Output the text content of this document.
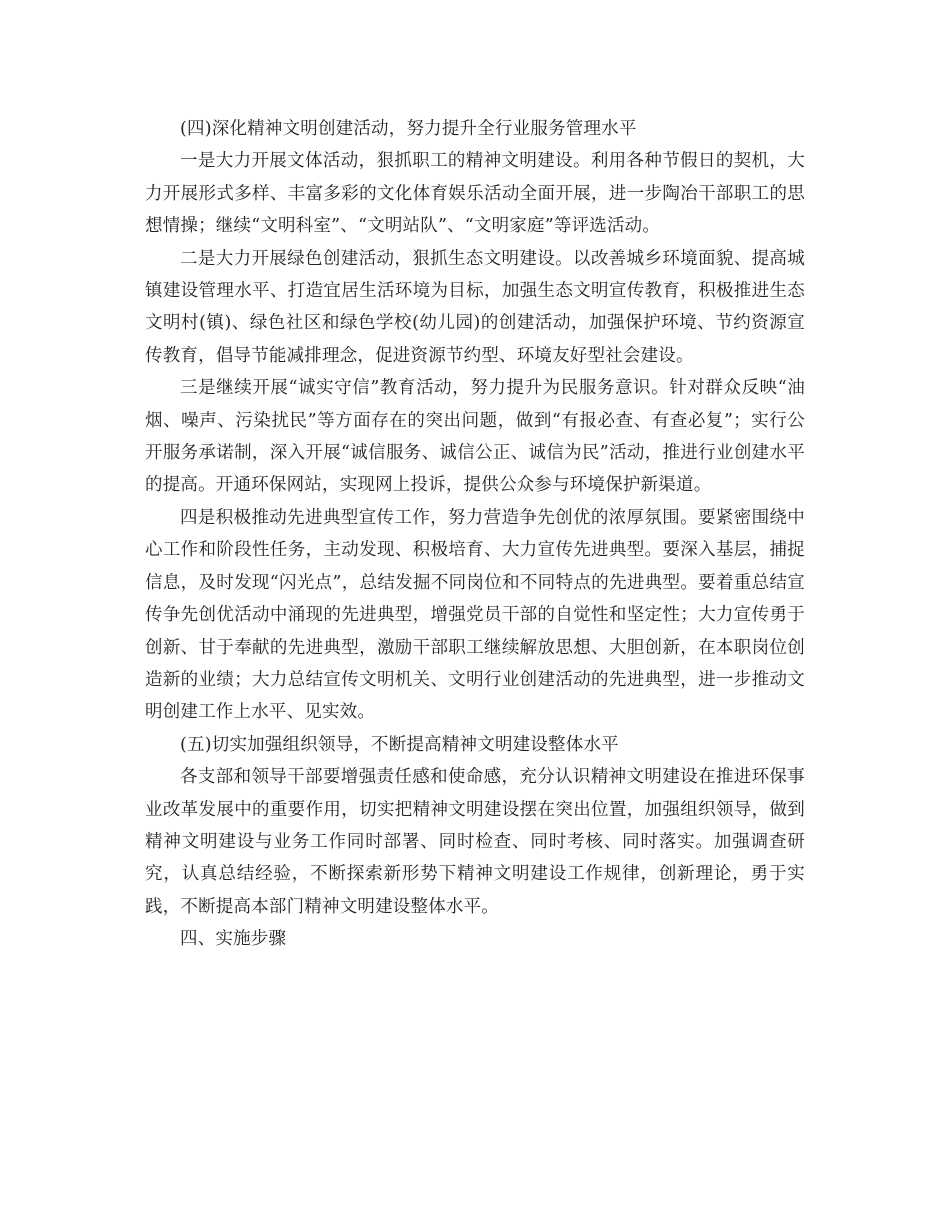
(四)深化精神文明创建活动，努力提升全行业服务管理水平

一是大力开展文体活动，狠抓职工的精神文明建设。利用各种节假日的契机，大力开展形式多样、丰富多彩的文化体育娱乐活动全面开展，进一步陶冶干部职工的思想情操；继续“文明科室”、“文明站队”、“文明家庭”等评选活动。

二是大力开展绿色创建活动，狠抓生态文明建设。以改善城乡环境面貌、提高城镇建设管理水平、打造宜居生活环境为目标，加强生态文明宣传教育，积极推进生态文明村(镇)、绿色社区和绿色学校(幼儿园)的创建活动，加强保护环境、节约资源宣传教育，倡导节能减排理念，促进资源节约型、环境友好型社会建设。

三是继续开展“诚实守信”教育活动，努力提升为民服务意识。针对群众反映“油烟、噪声、污染扰民”等方面存在的突出问题，做到“有报必查、有查必复”；实行公开服务承诺制，深入开展“诚信服务、诚信公正、诚信为民”活动，推进行业创建水平的提高。开通环保网站，实现网上投诉，提供公众参与环境保护新渠道。

四是积极推动先进典型宣传工作，努力营造争先创优的浓厚氛围。要紧密围绕中心工作和阶段性任务，主动发现、积极培育、大力宣传先进典型。要深入基层，捕捉信息，及时发现“闪光点”，总结发掘不同岗位和不同特点的先进典型。要着重总结宣传争先创优活动中涌现的先进典型，增强党员干部的自觉性和坚定性；大力宣传勇于创新、甘于奉献的先进典型，激励干部职工继续解放思想、大胆创新，在本职岗位创造新的业绩；大力总结宣传文明机关、文明行业创建活动的先进典型，进一步推动文明创建工作上水平、见实效。

(五)切实加强组织领导，不断提高精神文明建设整体水平

各支部和领导干部要增强责任感和使命感，充分认识精神文明建设在推进环保事业改革发展中的重要作用，切实把精神文明建设摆在突出位置，加强组织领导，做到精神文明建设与业务工作同时部署、同时检查、同时考核、同时落实。加强调查研究，认真总结经验，不断探索新形势下精神文明建设工作规律，创新理论，勇于实践，不断提高本部门精神文明建设整体水平。

四、实施步骤
